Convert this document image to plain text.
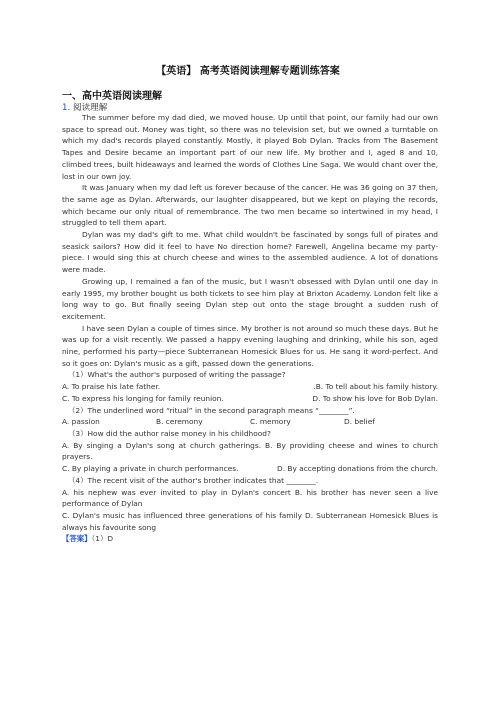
【英语】 高考英语阅读理解专题训练答案
一、高中英语阅读理解
1. 阅读理解

The summer before my dad died, we moved house. Up until that point, our family had our own space to spread out. Money was tight, so there was no television set, but we owned a turntable on which my dad's records played constantly. Mostly, it played Bob Dylan. Tracks from The Basement Tapes and Desire became an important part of our new life. My brother and I, aged 8 and 10, climbed trees, built hideaways and learned the words of Clothes Line Saga. We would chant over the, lost in our own joy.

It was January when my dad left us forever because of the cancer. He was 36 going on 37 then, the same age as Dylan. Afterwards, our laughter disappeared, but we kept on playing the records, which became our only ritual of remembrance. The two men became so intertwined in my head, I struggled to tell them apart.

Dylan was my dad's gift to me. What child wouldn't be fascinated by songs full of pirates and seasick sailors? How did it feel to have No direction home? Farewell, Angelina became my party-piece. I would sing this at church cheese and wines to the assembled audience. A lot of donations were made.

Growing up, I remained a fan of the music, but I wasn't obsessed with Dylan until one day in early 1995, my brother bought us both tickets to see him play at Brixton Academy. London felt like a long way to go. But finally seeing Dylan step out onto the stage brought a sudden rush of excitement.

I have seen Dylan a couple of times since. My brother is not around so much these days. But he was up for a visit recently. We passed a happy evening laughing and drinking, while his son, aged nine, performed his party—piece Subterranean Homesick Blues for us. He sang it word-perfect. And so it goes on: Dylan's music as a gift, passed down the generations.

（1）What's the author's purposed of writing the passage?

A. To praise his late father.	.B. To tell about his family history.
C. To express his longing for family reunion.	D. To show his love for Bob Dylan.

（2）The underlined word “ritual” in the second paragraph means “________”.

A. passion	B. ceremony	C. memory	D. belief

（3）How did the author raise money in his childhood?

A. By singing a Dylan's song at church gatherings. B. By providing cheese and wines to church prayers.

C. By playing a private in church performances.	D. By accepting donations from the church.

（4）The recent visit of the author's brother indicates that ________.

A. his nephew was ever invited to play in Dylan's concert B. his brother has never seen a live performance of Dylan

C. Dylan's music has influenced three generations of his family D. Subterranean Homesick Blues is always his favourite song

【答案】（1）D
